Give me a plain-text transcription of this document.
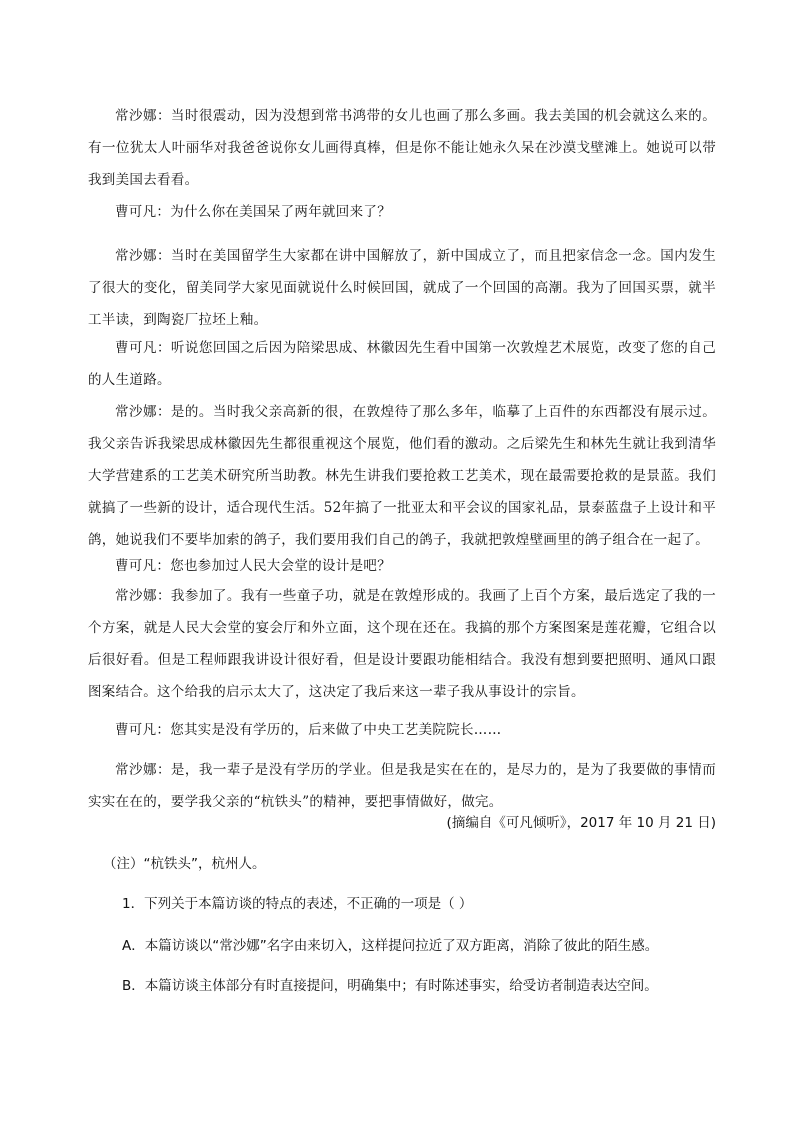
常沙娜：当时很震动，因为没想到常书鸿带的女儿也画了那么多画。我去美国的机会就这么来的。有一位犹太人叶丽华对我爸爸说你女儿画得真棒，但是你不能让她永久呆在沙漠戈壁滩上。她说可以带我到美国去看看。

曹可凡：为什么你在美国呆了两年就回来了？

常沙娜：当时在美国留学生大家都在讲中国解放了，新中国成立了，而且把家信念一念。国内发生了很大的变化，留美同学大家见面就说什么时候回国，就成了一个回国的高潮。我为了回国买票，就半工半读，到陶瓷厂拉坯上釉。

曹可凡：听说您回国之后因为陪梁思成、林徽因先生看中国第一次敦煌艺术展览，改变了您的自己的人生道路。

常沙娜：是的。当时我父亲高新的很，在敦煌待了那么多年，临摹了上百件的东西都没有展示过。我父亲告诉我梁思成林徽因先生都很重视这个展览，他们看的激动。之后梁先生和林先生就让我到清华大学营建系的工艺美术研究所当助教。林先生讲我们要抢救工艺美术，现在最需要抢救的是景蓝。我们就搞了一些新的设计，适合现代生活。52年搞了一批亚太和平会议的国家礼品，景泰蓝盘子上设计和平鸽，她说我们不要毕加索的鸽子，我们要用我们自己的鸽子，我就把敦煌壁画里的鸽子组合在一起了。

曹可凡：您也参加过人民大会堂的设计是吧？

常沙娜：我参加了。我有一些童子功，就是在敦煌形成的。我画了上百个方案，最后选定了我的一个方案，就是人民大会堂的宴会厅和外立面，这个现在还在。我搞的那个方案图案是莲花瓣，它组合以后很好看。但是工程师跟我讲设计很好看，但是设计要跟功能相结合。我没有想到要把照明、通风口跟图案结合。这个给我的启示太大了，这决定了我后来这一辈子我从事设计的宗旨。

曹可凡：您其实是没有学历的，后来做了中央工艺美院院长……

常沙娜：是，我一辈子是没有学历的学业。但是我是实在在的，是尽力的，是为了我要做的事情而实实在在的，要学我父亲的“杭铁头”的精神，要把事情做好，做完。

(摘编自《可凡倾听》，2017 年 10 月 21 日)
（注）“杭铁头”，杭州人。
1．下列关于本篇访谈的特点的表述，不正确的一项是（ ）
A．本篇访谈以“常沙娜”名字由来切入，这样提问拉近了双方距离，消除了彼此的陌生感。
B．本篇访谈主体部分有时直接提问，明确集中；有时陈述事实，给受访者制造表达空间。
